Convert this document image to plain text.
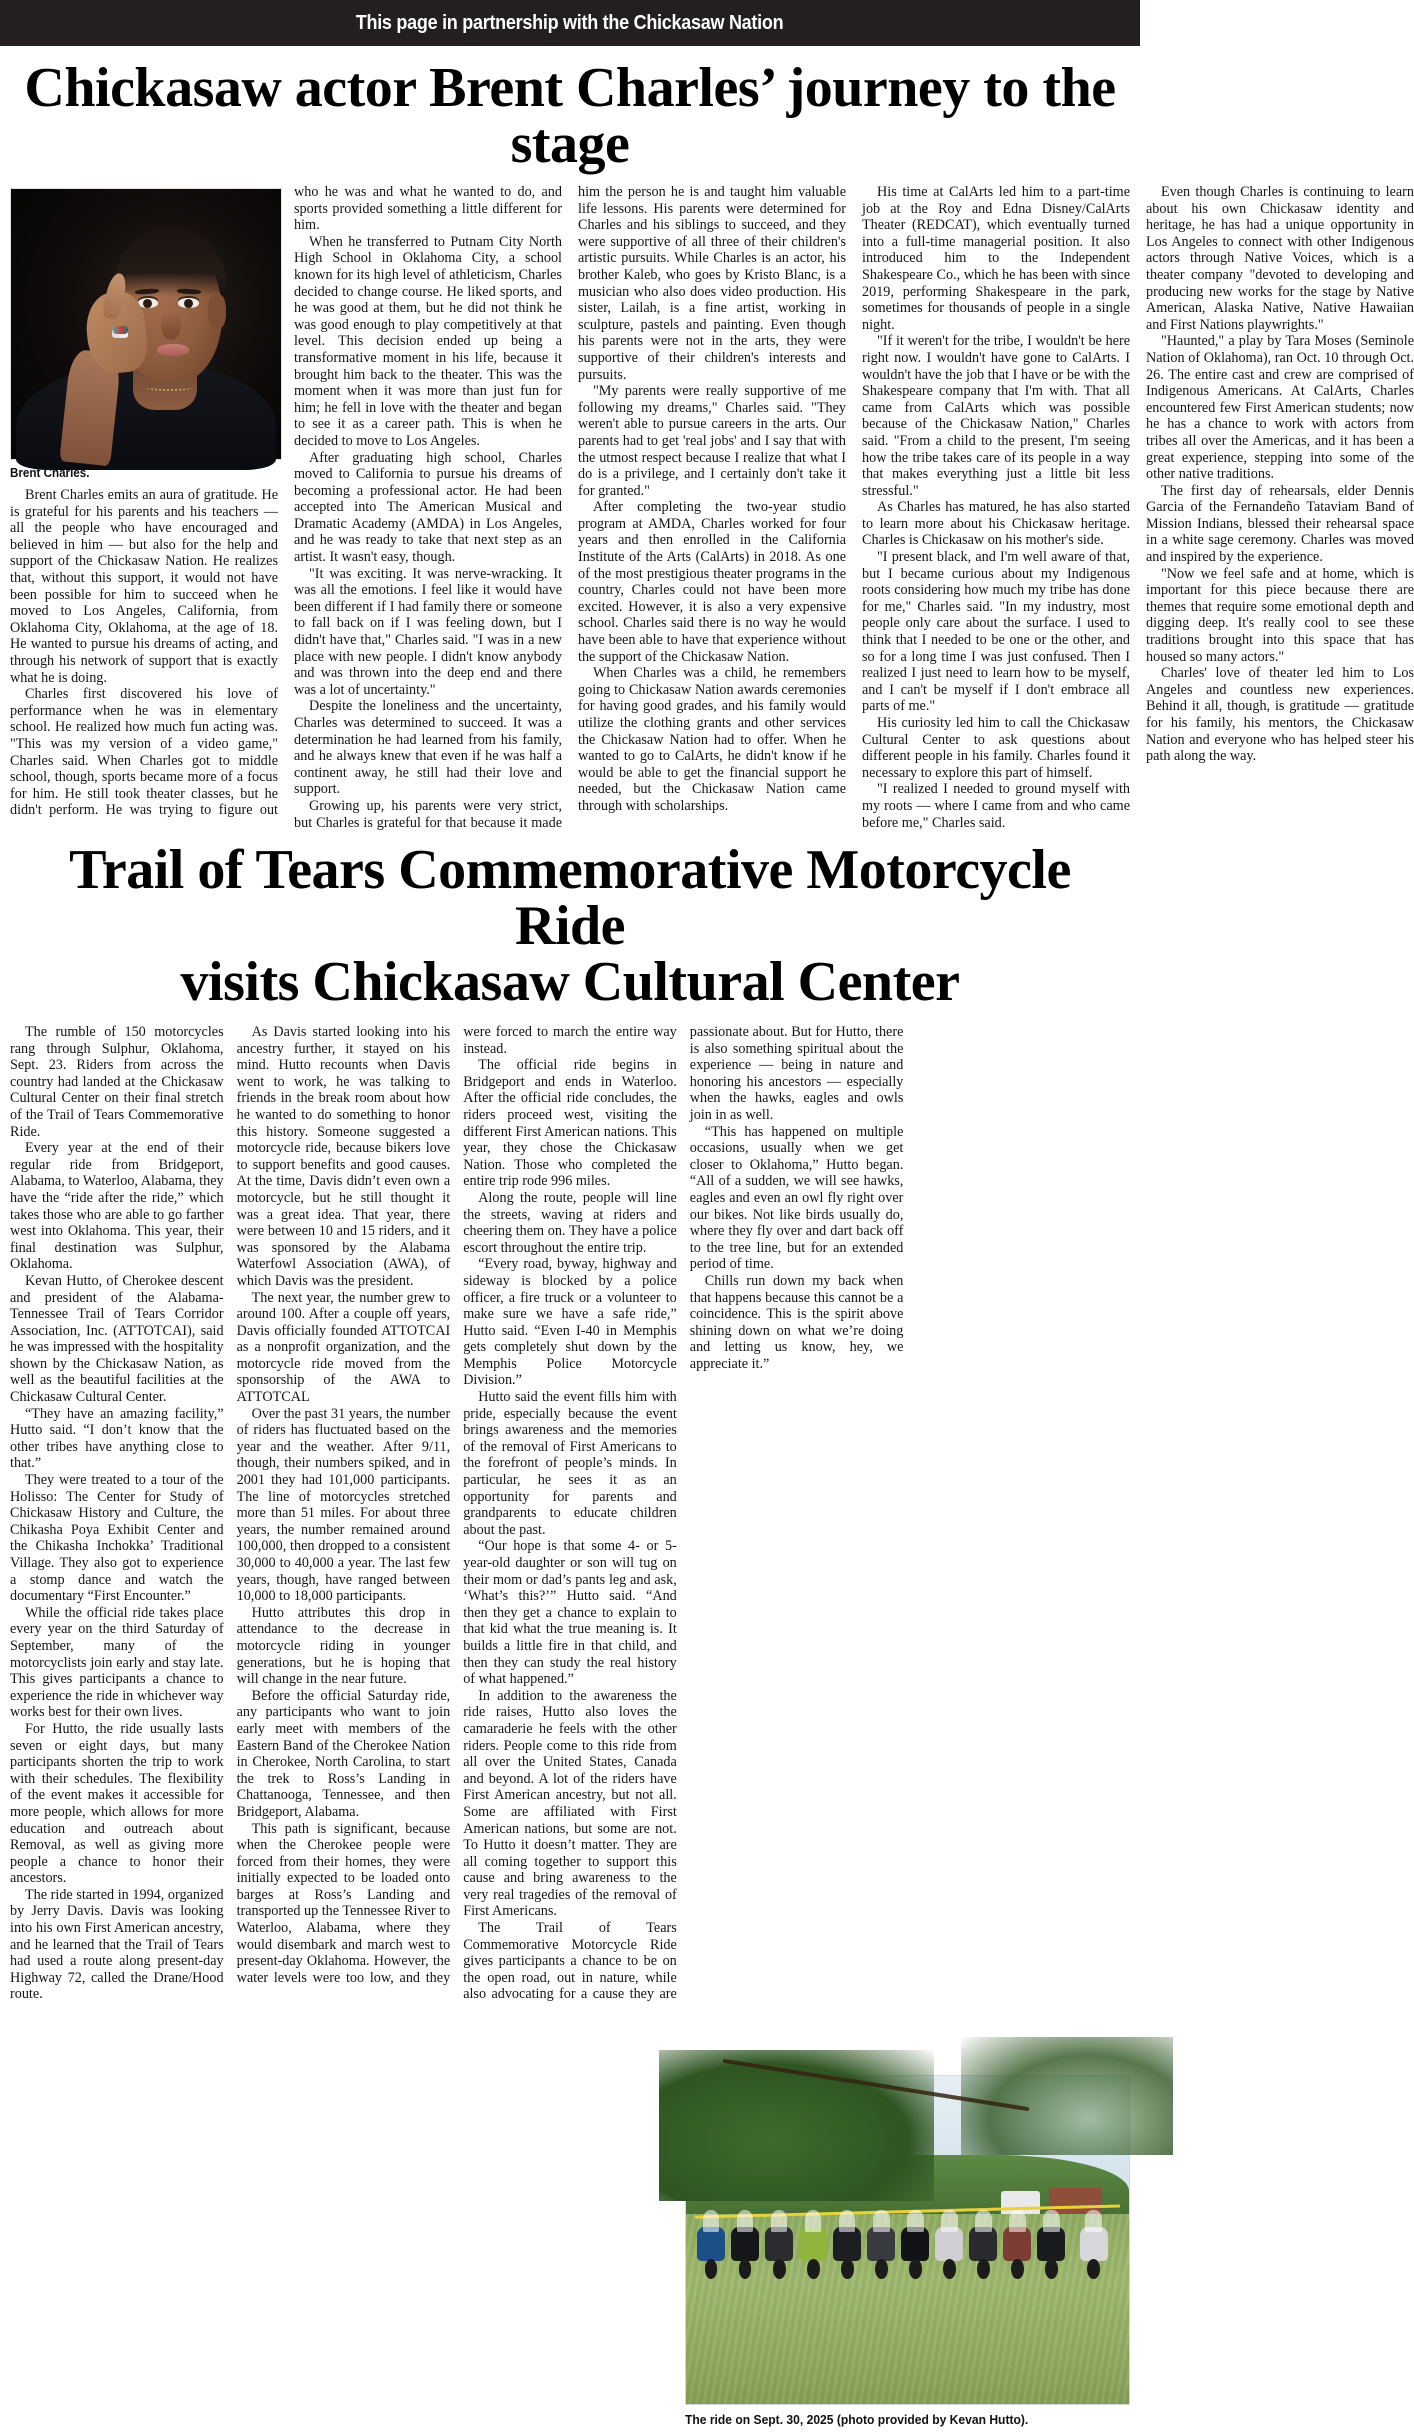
This page in partnership with the Chickasaw Nation
Chickasaw actor Brent Charles’ journey to the stage
Brent Charles.

Brent Charles emits an aura of gratitude. He is grateful for his parents and his teachers — all the people who have encouraged and believed in him — but also for the help and support of the Chickasaw Nation. He realizes that, without this support, it would not have been possible for him to succeed when he moved to Los Angeles, California, from Oklahoma City, Oklahoma, at the age of 18. He wanted to pursue his dreams of acting, and through his network of support that is exactly what he is doing.

Charles first discovered his love of performance when he was in elementary school. He realized how much fun acting was. "This was my version of a video game," Charles said. When Charles got to middle school, though, sports became more of a focus for him. He still took theater classes, but he didn't perform. He was trying to figure out who he was and what he wanted to do, and sports provided something a little different for him.

When he transferred to Putnam City North High School in Oklahoma City, a school known for its high level of athleticism, Charles decided to change course. He liked sports, and he was good at them, but he did not think he was good enough to play competitively at that level. This decision ended up being a transformative moment in his life, because it brought him back to the theater. This was the moment when it was more than just fun for him; he fell in love with the theater and began to see it as a career path. This is when he decided to move to Los Angeles.

After graduating high school, Charles moved to California to pursue his dreams of becoming a professional actor. He had been accepted into The American Musical and Dramatic Academy (AMDA) in Los Angeles, and he was ready to take that next step as an artist. It wasn't easy, though.

"It was exciting. It was nerve-wracking. It was all the emotions. I feel like it would have been different if I had family there or someone to fall back on if I was feeling down, but I didn't have that," Charles said. "I was in a new place with new people. I didn't know anybody and was thrown into the deep end and there was a lot of uncertainty."

Despite the loneliness and the uncertainty, Charles was determined to succeed. It was a determination he had learned from his family, and he always knew that even if he was half a continent away, he still had their love and support.

Growing up, his parents were very strict, but Charles is grateful for that because it made him the person he is and taught him valuable life lessons. His parents were determined for Charles and his siblings to succeed, and they were supportive of all three of their children's artistic pursuits. While Charles is an actor, his brother Kaleb, who goes by Kristo Blanc, is a musician who also does video production. His sister, Lailah, is a fine artist, working in sculpture, pastels and painting. Even though his parents were not in the arts, they were supportive of their children's interests and pursuits.

"My parents were really supportive of me following my dreams," Charles said. "They weren't able to pursue careers in the arts. Our parents had to get 'real jobs' and I say that with the utmost respect because I realize that what I do is a privilege, and I certainly don't take it for granted."

After completing the two-year studio program at AMDA, Charles worked for four years and then enrolled in the California Institute of the Arts (CalArts) in 2018. As one of the most prestigious theater programs in the country, Charles could not have been more excited. However, it is also a very expensive school. Charles said there is no way he would have been able to have that experience without the support of the Chickasaw Nation.

When Charles was a child, he remembers going to Chickasaw Nation awards ceremonies for having good grades, and his family would utilize the clothing grants and other services the Chickasaw Nation had to offer. When he wanted to go to CalArts, he didn't know if he would be able to get the financial support he needed, but the Chickasaw Nation came through with scholarships.

His time at CalArts led him to a part-time job at the Roy and Edna Disney/CalArts Theater (REDCAT), which eventually turned into a full-time managerial position. It also introduced him to the Independent Shakespeare Co., which he has been with since 2019, performing Shakespeare in the park, sometimes for thousands of people in a single night.

"If it weren't for the tribe, I wouldn't be here right now. I wouldn't have gone to CalArts. I wouldn't have the job that I have or be with the Shakespeare company that I'm with. That all came from CalArts which was possible because of the Chickasaw Nation," Charles said. "From a child to the present, I'm seeing how the tribe takes care of its people in a way that makes everything just a little bit less stressful."

As Charles has matured, he has also started to learn more about his Chickasaw heritage. Charles is Chickasaw on his mother's side.

"I present black, and I'm well aware of that, but I became curious about my Indigenous roots considering how much my tribe has done for me," Charles said. "In my industry, most people only care about the surface. I used to think that I needed to be one or the other, and so for a long time I was just confused. Then I realized I just need to learn how to be myself, and I can't be myself if I don't embrace all parts of me."

His curiosity led him to call the Chickasaw Cultural Center to ask questions about different people in his family. Charles found it necessary to explore this part of himself.

"I realized I needed to ground myself with my roots — where I came from and who came before me," Charles said.

Even though Charles is continuing to learn about his own Chickasaw identity and heritage, he has had a unique opportunity in Los Angeles to connect with other Indigenous actors through Native Voices, which is a theater company "devoted to developing and producing new works for the stage by Native American, Alaska Native, Native Hawaiian and First Nations playwrights."

"Haunted," a play by Tara Moses (Seminole Nation of Oklahoma), ran Oct. 10 through Oct. 26. The entire cast and crew are comprised of Indigenous Americans. At CalArts, Charles encountered few First American students; now he has a chance to work with actors from tribes all over the Americas, and it has been a great experience, stepping into some of the other native traditions.

The first day of rehearsals, elder Dennis Garcia of the Fernandeño Tataviam Band of Mission Indians, blessed their rehearsal space in a white sage ceremony. Charles was moved and inspired by the experience.

"Now we feel safe and at home, which is important for this piece because there are themes that require some emotional depth and digging deep. It's really cool to see these traditions brought into this space that has housed so many actors."

Charles' love of theater led him to Los Angeles and countless new experiences. Behind it all, though, is gratitude — gratitude for his family, his mentors, the Chickasaw Nation and everyone who has helped steer his path along the way.

Trail of Tears Commemorative Motorcycle Ride
visits Chickasaw Cultural Center

The rumble of 150 motorcycles rang through Sulphur, Oklahoma, Sept. 23. Riders from across the country had landed at the Chickasaw Cultural Center on their final stretch of the Trail of Tears Commemorative Ride.

Every year at the end of their regular ride from Bridgeport, Alabama, to Waterloo, Alabama, they have the “ride after the ride,” which takes those who are able to go farther west into Oklahoma. This year, their final destination was Sulphur, Oklahoma.

Kevan Hutto, of Cherokee descent and president of the Alabama-Tennessee Trail of Tears Corridor Association, Inc. (ATTOTCAI), said he was impressed with the hospitality shown by the Chickasaw Nation, as well as the beautiful facilities at the Chickasaw Cultural Center.

“They have an amazing facility,” Hutto said. “I don’t know that the other tribes have anything close to that.”

They were treated to a tour of the Holisso: The Center for Study of Chickasaw History and Culture, the Chikasha Poya Exhibit Center and the Chikasha Inchokka’ Traditional Village. They also got to experience a stomp dance and watch the documentary “First Encounter.”

While the official ride takes place every year on the third Saturday of September, many of the motorcyclists join early and stay late. This gives participants a chance to experience the ride in whichever way works best for their own lives.

For Hutto, the ride usually lasts seven or eight days, but many participants shorten the trip to work with their schedules. The flexibility of the event makes it accessible for more people, which allows for more education and outreach about Removal, as well as giving more people a chance to honor their ancestors.

The ride started in 1994, organized by Jerry Davis. Davis was looking into his own First American ancestry, and he learned that the Trail of Tears had used a route along present-day Highway 72, called the Drane/Hood route.

As Davis started looking into his ancestry further, it stayed on his mind. Hutto recounts when Davis went to work, he was talking to friends in the break room about how he wanted to do something to honor this history. Someone suggested a motorcycle ride, because bikers love to support benefits and good causes. At the time, Davis didn’t even own a motorcycle, but he still thought it was a great idea. That year, there were between 10 and 15 riders, and it was sponsored by the Alabama Waterfowl Association (AWA), of which Davis was the president.

The next year, the number grew to around 100. After a couple off years, Davis officially founded ATTOTCAI as a nonprofit organization, and the motorcycle ride moved from the sponsorship of the AWA to ATTOTCAL

Over the past 31 years, the number of riders has fluctuated based on the year and the weather. After 9/11, though, their numbers spiked, and in 2001 they had 101,000 participants. The line of motorcycles stretched more than 51 miles. For about three years, the number remained around 100,000, then dropped to a consistent 30,000 to 40,000 a year. The last few years, though, have ranged between 10,000 to 18,000 participants.

Hutto attributes this drop in attendance to the decrease in motorcycle riding in younger generations, but he is hoping that will change in the near future.

Before the official Saturday ride, any participants who want to join early meet with members of the Eastern Band of the Cherokee Nation in Cherokee, North Carolina, to start the trek to Ross’s Landing in Chattanooga, Tennessee, and then Bridgeport, Alabama.

This path is significant, because when the Cherokee people were forced from their homes, they were initially expected to be loaded onto barges at Ross’s Landing and transported up the Tennessee River to Waterloo, Alabama, where they would disembark and march west to present-day Oklahoma. However, the water levels were too low, and they were forced to march the entire way instead.

The official ride begins in Bridgeport and ends in Waterloo. After the official ride concludes, the riders proceed west, visiting the different First American nations. This year, they chose the Chickasaw Nation. Those who completed the entire trip rode 996 miles.

Along the route, people will line the streets, waving at riders and cheering them on. They have a police escort throughout the entire trip.

“Every road, byway, highway and sideway is blocked by a police officer, a fire truck or a volunteer to make sure we have a safe ride,” Hutto said. “Even I-40 in Memphis gets completely shut down by the Memphis Police Motorcycle Division.”

Hutto said the event fills him with pride, especially because the event brings awareness and the memories of the removal of First Americans to the forefront of people’s minds. In particular, he sees it as an opportunity for parents and grandparents to educate children about the past.

“Our hope is that some 4- or 5-year-old daughter or son will tug on their mom or dad’s pants leg and ask, ‘What’s this?’” Hutto said. “And then they get a chance to explain to that kid what the true meaning is. It builds a little fire in that child, and then they can study the real history of what happened.”

In addition to the awareness the ride raises, Hutto also loves the camaraderie he feels with the other riders. People come to this ride from all over the United States, Canada and beyond. A lot of the riders have First American ancestry, but not all. Some are affiliated with First American nations, but some are not. To Hutto it doesn’t matter. They are all coming together to support this cause and bring awareness to the very real tragedies of the removal of First Americans.

The Trail of Tears Commemorative Motorcycle Ride gives participants a chance to be on the open road, out in nature, while also advocating for a cause they are passionate about. But for Hutto, there is also something spiritual about the experience — being in nature and honoring his ancestors — especially when the hawks, eagles and owls join in as well.

“This has happened on multiple occasions, usually when we get closer to Oklahoma,” Hutto began. “All of a sudden, we will see hawks, eagles and even an owl fly right over our bikes. Not like birds usually do, where they fly over and dart back off to the tree line, but for an extended period of time.

Chills run down my back when that happens because this cannot be a coincidence. This is the spirit above shining down on what we’re doing and letting us know, hey, we appreciate it.”

The ride on Sept. 30, 2025 (photo provided by Kevan Hutto).
